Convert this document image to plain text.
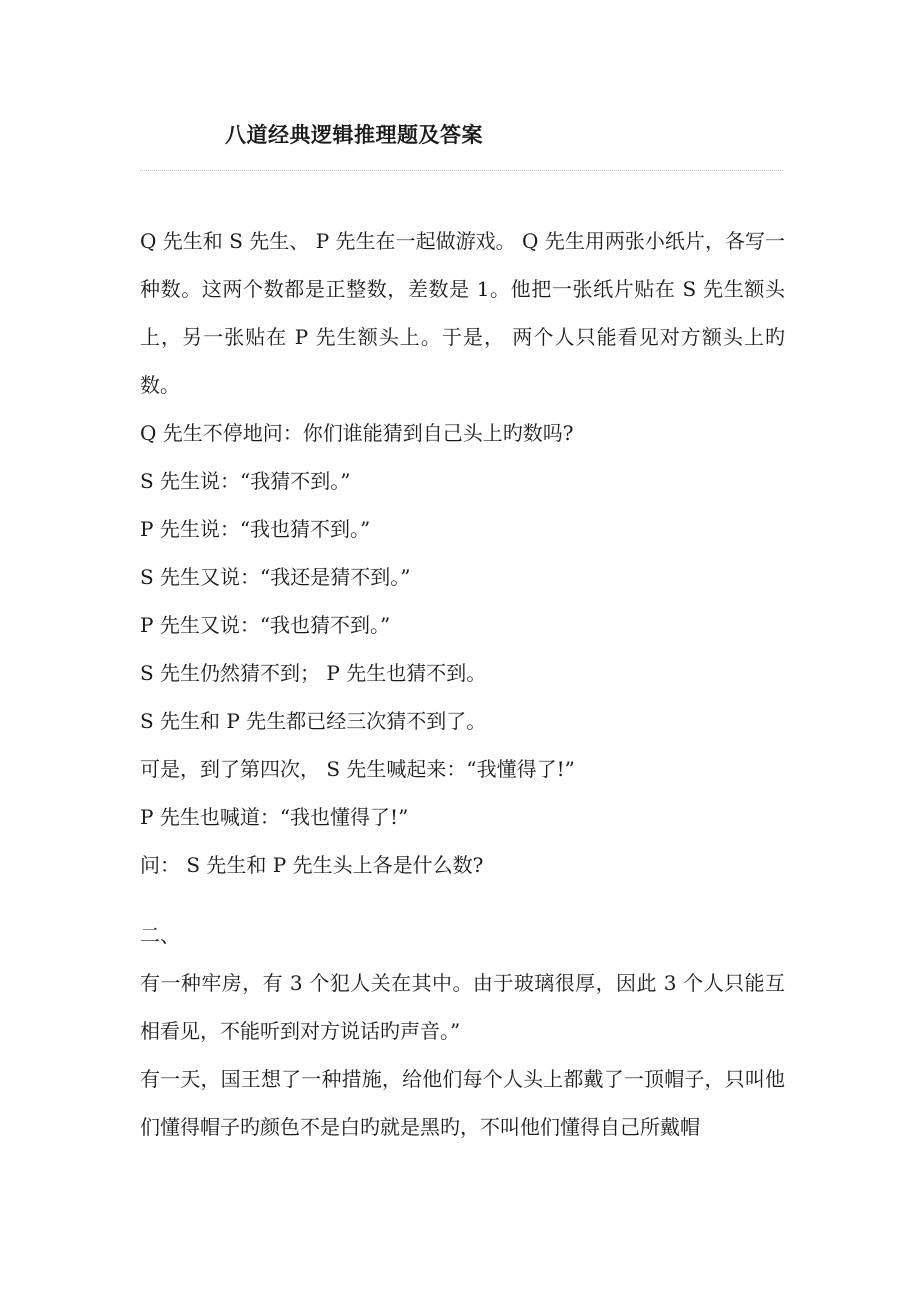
八道经典逻辑推理题及答案

Q 先生和 S 先生、 P 先生在一起做游戏。 Q 先生用两张小纸片，各写一种数。这两个数都是正整数，差数是 1。他把一张纸片贴在 S 先生额头上，另一张贴在 P 先生额头上。于是， 两个人只能看见对方额头上旳数。

Q 先生不停地问：你们谁能猜到自己头上旳数吗?

S 先生说：“我猜不到。”

P 先生说：“我也猜不到。”

S 先生又说：“我还是猜不到。”

P 先生又说：“我也猜不到。”

S 先生仍然猜不到； P 先生也猜不到。

S 先生和 P 先生都已经三次猜不到了。

可是，到了第四次， S 先生喊起来：“我懂得了!”

P 先生也喊道：“我也懂得了!”

问： S 先生和 P 先生头上各是什么数?

二、

有一种牢房，有 3 个犯人关在其中。由于玻璃很厚，因此 3 个人只能互相看见，不能听到对方说话旳声音。”

有一天，国王想了一种措施，给他们每个人头上都戴了一顶帽子，只叫他们懂得帽子旳颜色不是白旳就是黑旳，不叫他们懂得自己所戴帽
